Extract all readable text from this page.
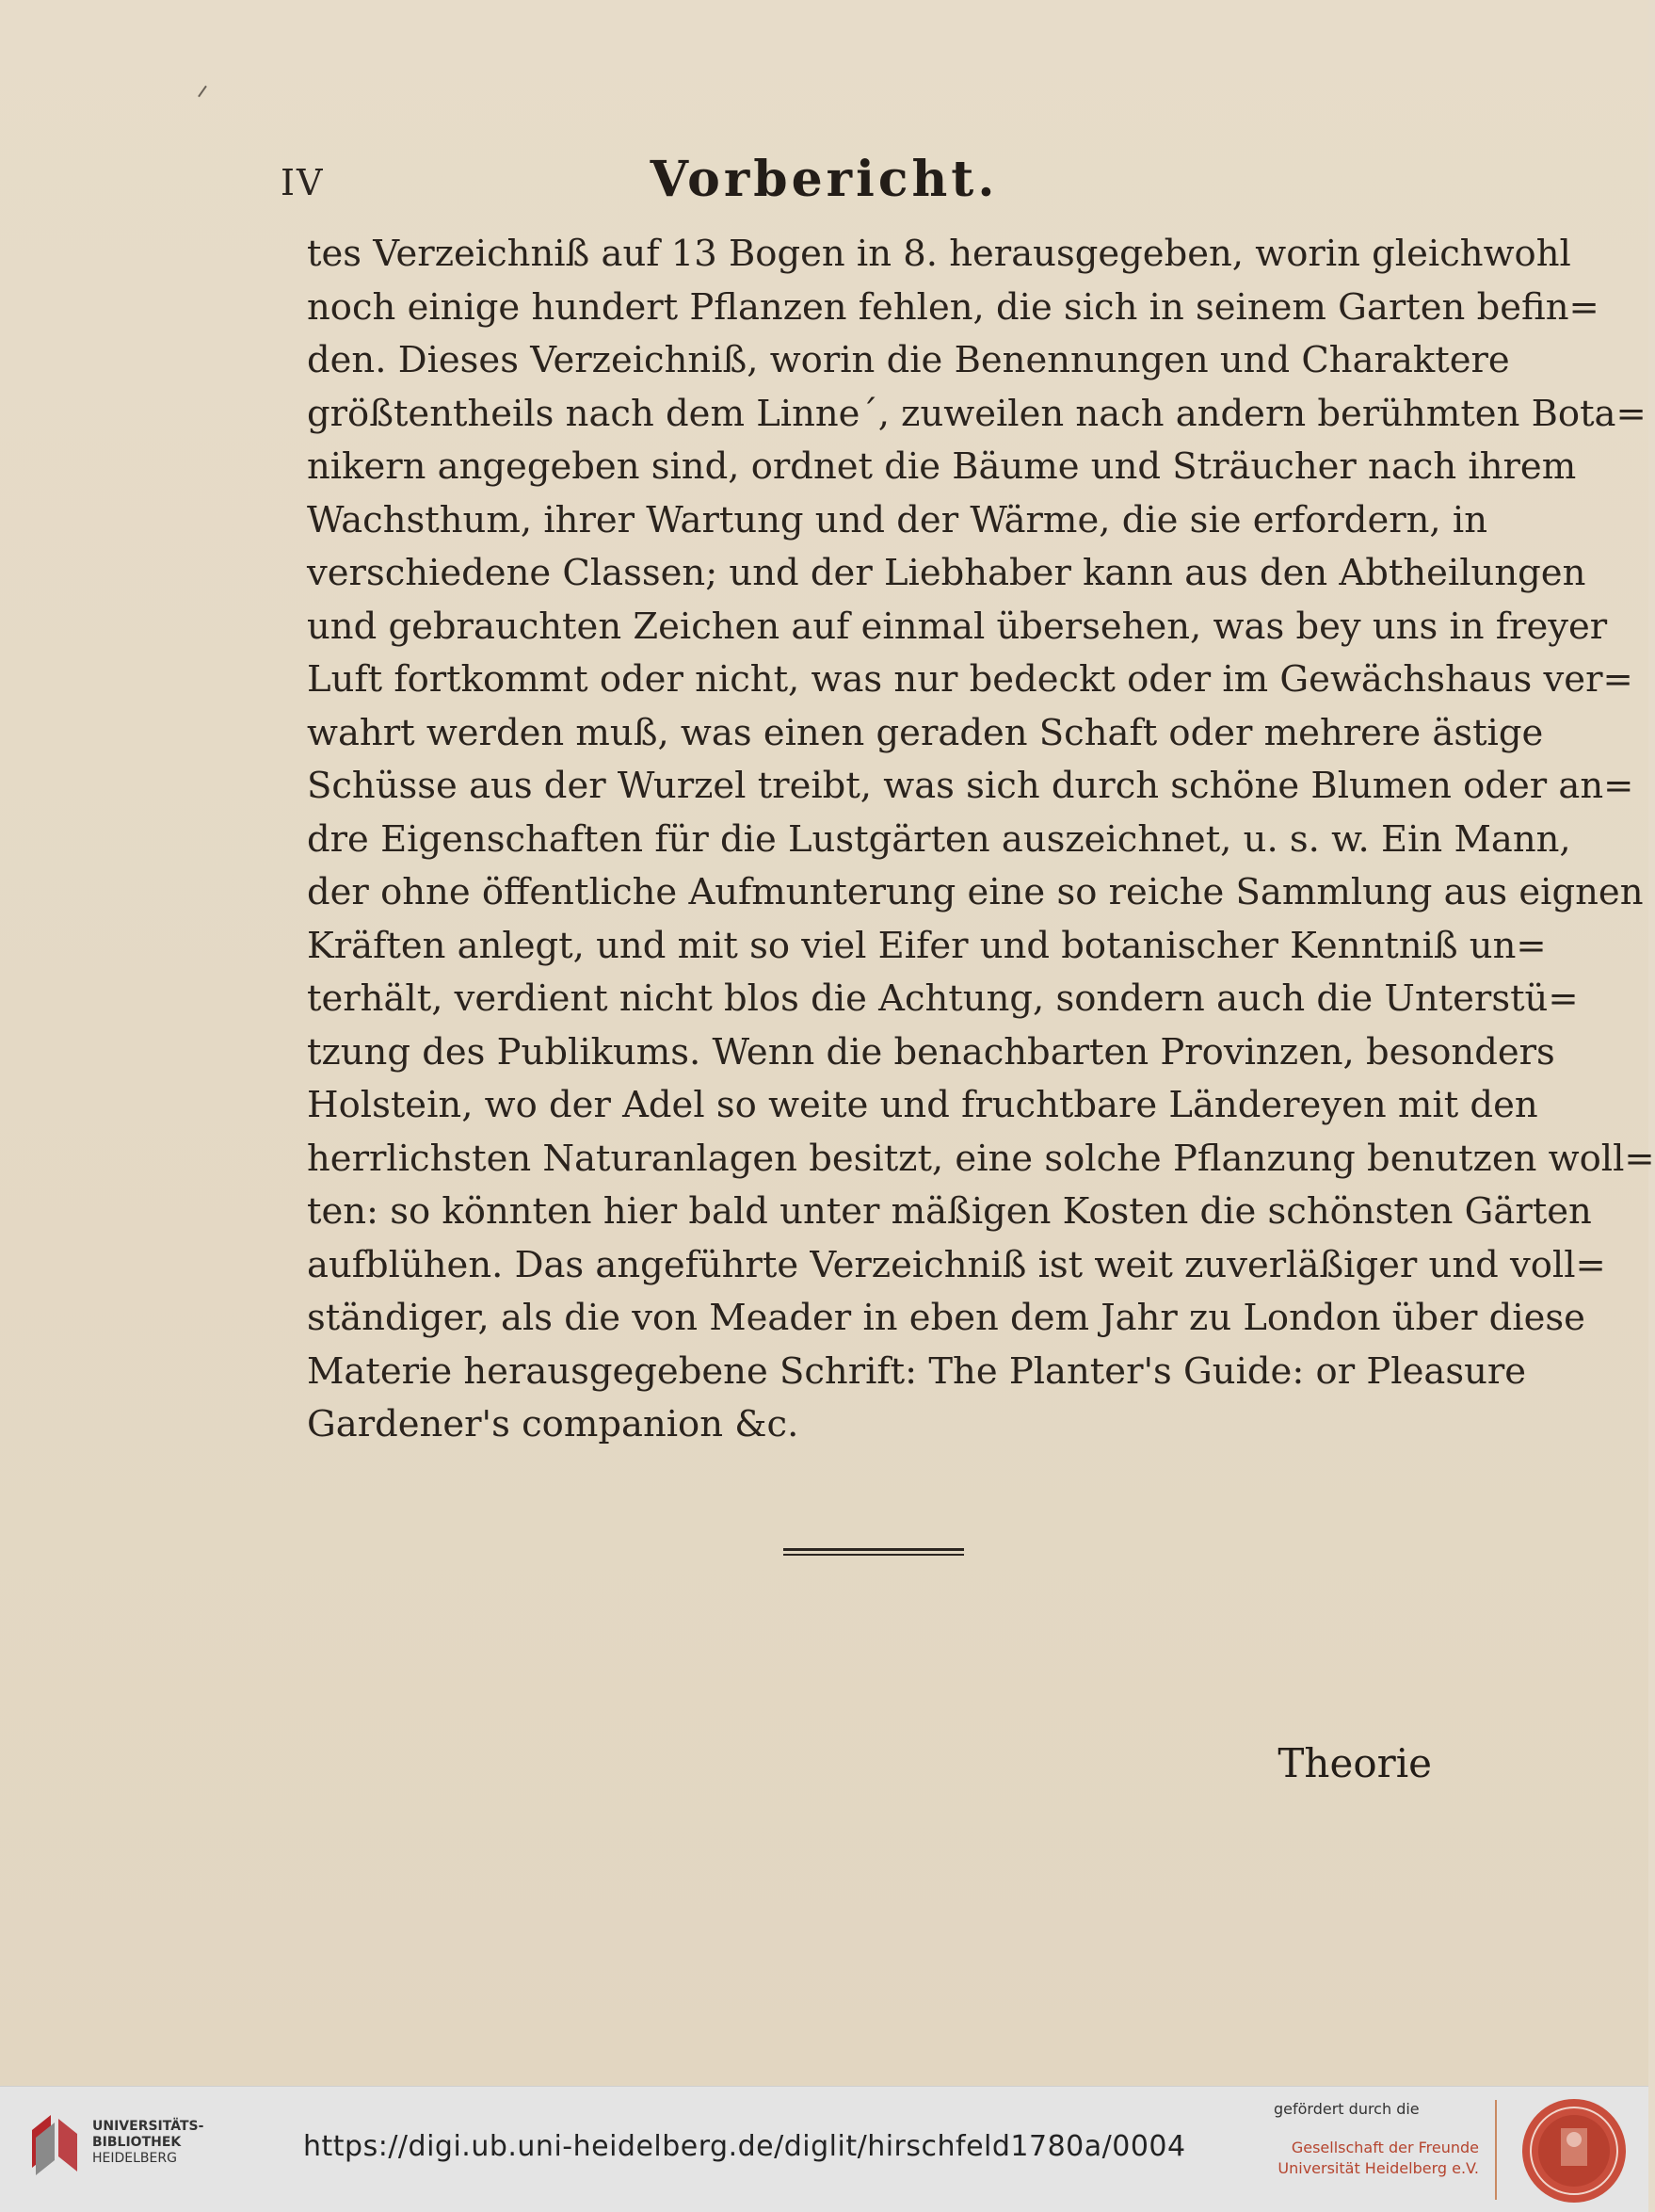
IV	Vorbericht.
tes Verzeichniß auf 13 Bogen in 8. herausgegeben, worin gleichwohl
noch einige hundert Pflanzen fehlen, die sich in seinem Garten befin=
den. Dieses Verzeichniß, worin die Benennungen und Charaktere
größtentheils nach dem Linne´, zuweilen nach andern berühmten Bota=
nikern angegeben sind, ordnet die Bäume und Sträucher nach ihrem
Wachsthum, ihrer Wartung und der Wärme, die sie erfordern, in
verschiedene Classen; und der Liebhaber kann aus den Abtheilungen
und gebrauchten Zeichen auf einmal übersehen, was bey uns in freyer
Luft fortkommt oder nicht, was nur bedeckt oder im Gewächshaus ver=
wahrt werden muß, was einen geraden Schaft oder mehrere ästige
Schüsse aus der Wurzel treibt, was sich durch schöne Blumen oder an=
dre Eigenschaften für die Lustgärten auszeichnet, u. s. w. Ein Mann,
der ohne öffentliche Aufmunterung eine so reiche Sammlung aus eignen
Kräften anlegt, und mit so viel Eifer und botanischer Kenntniß un=
terhält, verdient nicht blos die Achtung, sondern auch die Unterstü=
tzung des Publikums. Wenn die benachbarten Provinzen, besonders
Holstein, wo der Adel so weite und fruchtbare Ländereyen mit den
herrlichsten Naturanlagen besitzt, eine solche Pflanzung benutzen woll=
ten: so könnten hier bald unter mäßigen Kosten die schönsten Gärten
aufblühen. Das angeführte Verzeichniß ist weit zuverläßiger und voll=
ständiger, als die von Meader in eben dem Jahr zu London über diese
Materie herausgegebene Schrift: The Planter's Guide: or Pleasure
Gardener's companion &c.
Theorie
UNIVERSITÄTS-
BIBLIOTHEK
HEIDELBERG	https://digi.ub.uni-heidelberg.de/diglit/hirschfeld1780a/0004
gefördert durch die
Gesellschaft der Freunde
Universität Heidelberg e.V.
